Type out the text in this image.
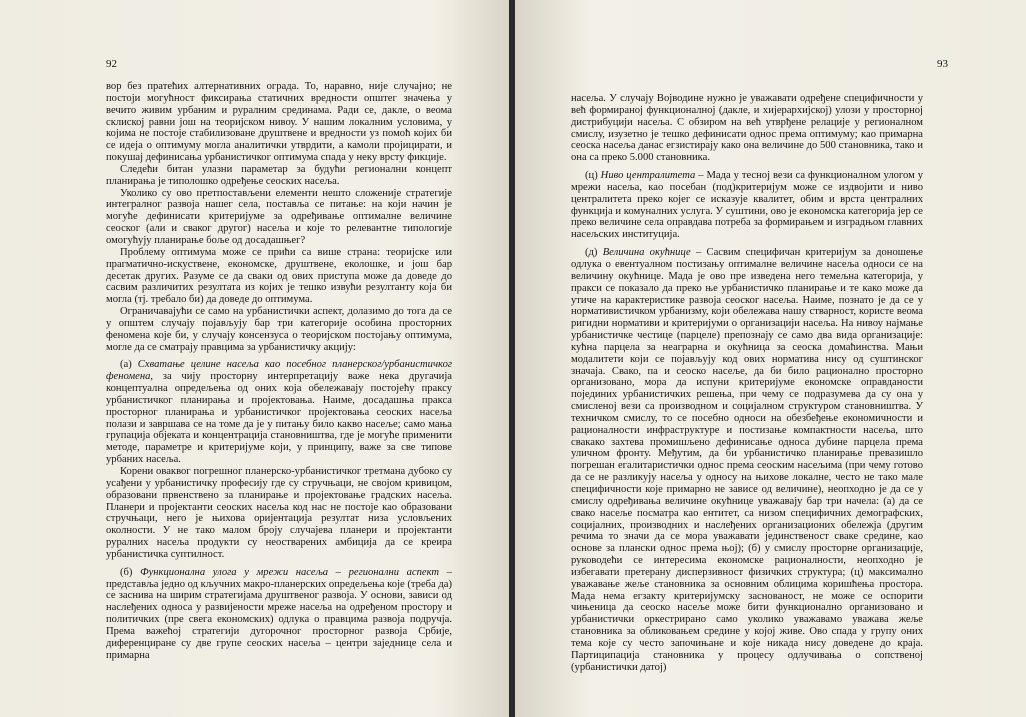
92

вор без пратећих алтернативних ограда. То, наравно, није случајно; не постоји могућност фиксирања статичних вредности општег значења у вечито живим урбаним и руралним срединама. Ради се, дакле, о веома склиској равни још на теоријском нивоу. У нашим локалним условима, у којима не постоје стабилизоване друштвене и вредности уз помоћ којих би се идеја о оптимуму могла аналитички утврдити, а камоли пројицирати, и покушај дефинисања урбанистичког оптимума спада у неку врсту фикције.

Следећи битан улазни параметар за будући регионални концепт планирања је типолошко одређење сеоских насеља.

Уколико су ово претпостављени елементи нешто сложеније стратегије интегралног развоја нашег села, поставља се питање: на који начин је могуће дефинисати критеријуме за одређивање оптималне величине сеоског (али и сваког другог) насеља и које то релевантне типологије омогућују планирање боље од досадашњег?

Проблему оптимума може се прићи са више страна: теоријске или прагматично-искуствене, економске, друштвене, еколошке, и још бар десетак других. Разуме се да сваки од ових приступа може да доведе до сасвим различитих резултата из којих је тешко извући резултанту која би могла (тј. требало би) да доведе до оптимума.

Ограничавајући се само на урбанистички аспект, долазимо до тога да се у општем случају појављују бар три категорије особина просторних феномена које би, у случају консензуса о теоријском постојању оптимума, могле да се сматрају правцима за урбанистичку акцију:

(а) Схватање целине насеља као посебног планерског/урбанистичког феномена, за чију просторну интерпретацију важе нека другачија концептуална опредељења од оних која обележавају постојећу праксу урбанистичког планирања и пројектовања. Наиме, досадашња пракса просторног планирања и урбанистичког пројектовања сеоских насеља полази и завршава се на томе да је у питању било какво насеље; само мања групација објеката и концентрација становништва, где је могуће применити методе, параметре и критеријуме који, у принципу, важе за све типове урбаних насеља.

Корени оваквог погрешног планерско-урбанистичког третмана дубоко су усађени у урбанистичку професију где су стручњаци, не својом кривицом, образовани првенствено за планирање и пројектовање градских насеља. Планери и пројектанти сеоских насеља код нас не постоје као образовани стручњаци, него је њихова оријентација резултат низа условљених околности. У не тако малом броју случајева планери и пројектанти руралних насеља продукти су неостварених амбиција да се креира урбанистичка суптилност.

(б) Функционална улога у мрежи насеља – регионални аспект – представља једно од кључних макро-планерских опредељења које (треба да) се заснива на ширим стратегијама друштвеног развоја. У основи, зависи од наслеђених односа у развијености мреже насеља на одређеном простору и политичких (пре свега економских) одлука о правцима развоја подручја. Према важећој стратегији дугорочног просторног развоја Србије, диференциране су две групе сеоских насеља – центри заједнице села и примарна

93

насеља. У случају Војводине нужно је уважавати одређене специфичности у већ формираној функционалној (дакле, и хијерархијској) улози у просторној дистрибуцији насеља. С обзиром на већ утврђене релације у регионалном смислу, изузетно је тешко дефинисати однос према оптимуму; као примарна сеоска насеља данас егзистирају како она величине до 500 становника, тако и она са преко 5.000 становника.

(ц) Ниво централитета – Мада у тесној вези са функционалном улогом у мрежи насеља, као посебан (под)критеријум може се издвојити и ниво централитета преко којег се исказује квалитет, обим и врста централних функција и комуналних услуга. У суштини, ово је економска категорија јер се преко величине села оправдава потреба за формирањем и изградњом главних насељских институција.

(д) Величина окућнице – Сасвим специфичан критеријум за доношење одлука о евентуалном постизању оптималне величине насеља односи се на величину окућнице. Мада је ово пре изведена него темељна категорија, у пракси се показало да преко ње урбанистичко планирање и те како може да утиче на карактеристике развоја сеоског насеља. Наиме, познато је да се у нормативистичком урбанизму, који обележава нашу стварност, користе веома ригидни нормативи и критеријуми о организацији насеља. На нивоу најмање урбанистичке честице (парцеле) препознају се само два вида организације: кућна парцела за неаграрна и окућница за сеоска домаћинства. Мањи модалитети који се појављују код ових норматива нису од суштинског значаја. Свако, па и сеоско насеље, да би било рационално просторно организовано, мора да испуни критеријуме економске оправданости појединих урбанистичких решења, при чему се подразумева да су она у смисленој вези са производном и социјалном структуром становништва. У техничком смислу, то се посебно односи на обезбеђење економичности и рационалности инфраструктуре и постизање компактности насеља, што свакако захтева промишљено дефинисање односа дубине парцела према уличном фронту. Међутим, да би урбанистичко планирање превазишло погрешан егалитаристички однос према сеоским насељима (при чему готово да се не разликују насеља у односу на њихове локалне, често не тако мале специфичности које примарно не зависе од величине), неопходно је да се у смислу одређивања величине окућнице уважавају бар три начела: (а) да се свако насеље посматра као ентитет, са низом специфичних демографских, социјалних, производних и наслеђених организационих обележја (другим речима то значи да се мора уважавати јединственост сваке средине, као основе за плански однос према њој); (б) у смислу просторне организације, руководећи се интересима економске рационалности, неопходно је избегавати претерану дисперзивност физичких структура; (ц) максимално уважавање жеље становника за основним облицима коришћења простора. Мада нема егзакту критеријумску заснованост, не може се оспорити чињеница да сеоско насеље може бити функционално организовано и урбанистички оркестрирано само уколико уважавамо уважава жеље становника за обликовањем средине у којој живе. Ово спада у групу оних тема које су често започињане и које никада нису доведене до краја. Партиципација становника у процесу одлучивања о сопственој (урбанистички датој)
